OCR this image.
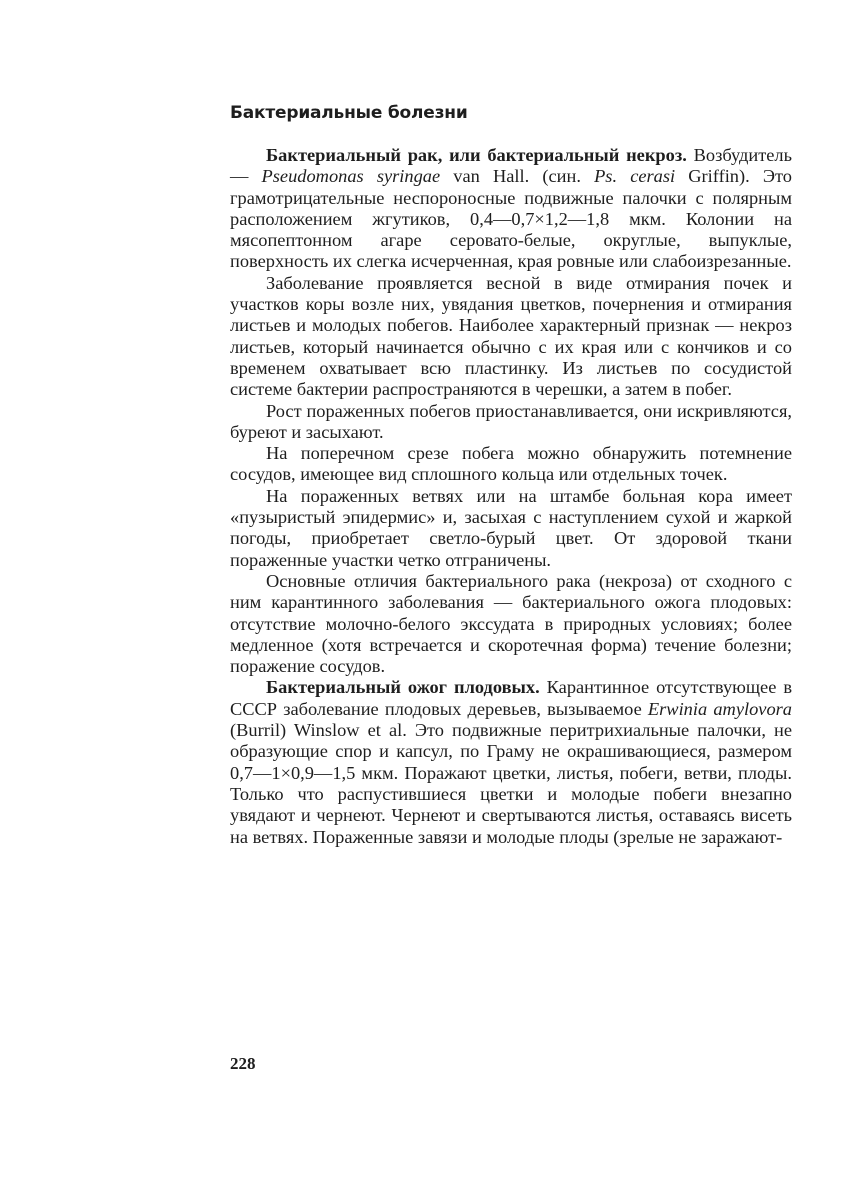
Бактериальные болезни

Бактериальный рак, или бактериальный некроз. Возбудитель — Pseudomonas syringae van Hall. (син. Ps. cerasi Griffin). Это грамотрицательные неспороносные подвижные палочки с полярным расположением жгутиков, 0,4—0,7×1,2—1,8 мкм. Колонии на мясопептонном агаре серовато-белые, округлые, выпуклые, поверхность их слегка исчерченная, края ровные или слабоизрезанные.

Заболевание проявляется весной в виде отмирания почек и участков коры возле них, увядания цветков, почернения и отмирания листьев и молодых побегов. Наиболее характерный признак — некроз листьев, который начинается обычно с их края или с кончиков и со временем охватывает всю пластинку. Из листьев по сосудистой системе бактерии распространяются в черешки, а затем в побег.

Рост пораженных побегов приостанавливается, они искривляются, буреют и засыхают.

На поперечном срезе побега можно обнаружить потемнение сосудов, имеющее вид сплошного кольца или отдельных точек.

На пораженных ветвях или на штамбе больная кора имеет «пузыристый эпидермис» и, засыхая с наступлением сухой и жаркой погоды, приобретает светло-бурый цвет. От здоровой ткани пораженные участки четко отграничены.

Основные отличия бактериального рака (некроза) от сходного с ним карантинного заболевания — бактериального ожога плодовых: отсутствие молочно-белого экссудата в природных условиях; более медленное (хотя встречается и скоротечная форма) течение болезни; поражение сосудов.

Бактериальный ожог плодовых. Карантинное отсутствующее в СССР заболевание плодовых деревьев, вызываемое Erwinia amylovora (Burril) Winslow et al. Это подвижные перитрихиальные палочки, не образующие спор и капсул, по Граму не окрашивающиеся, размером 0,7—1×0,9—1,5 мкм. Поражают цветки, листья, побеги, ветви, плоды. Только что распустившиеся цветки и молодые побеги внезапно увядают и чернеют. Чернеют и свертываются листья, оставаясь висеть на ветвях. Пораженные завязи и молодые плоды (зрелые не заражают-

228
